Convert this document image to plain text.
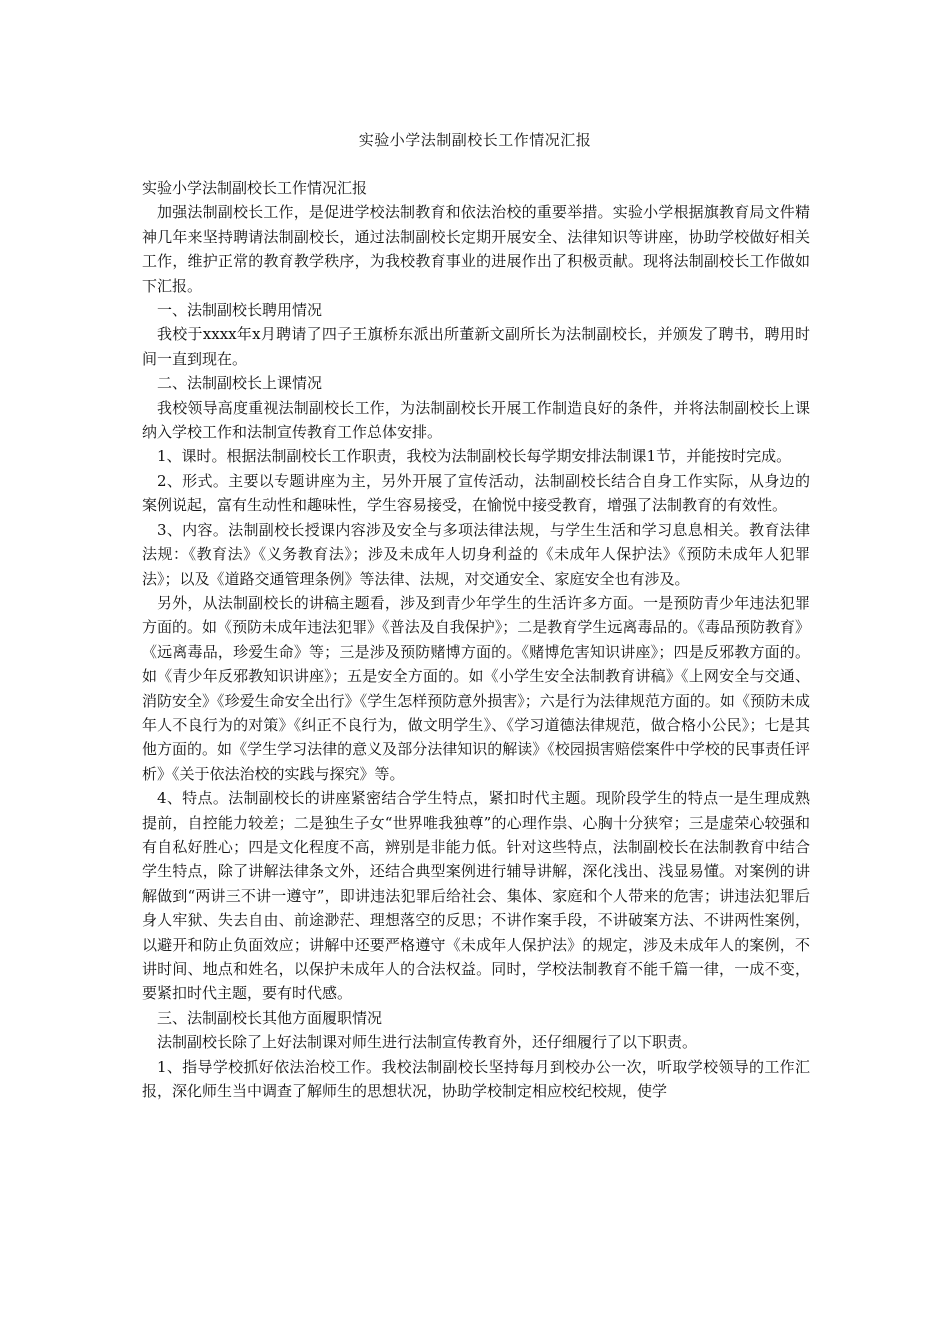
实验小学法制副校长工作情况汇报

实验小学法制副校长工作情况汇报

加强法制副校长工作，是促进学校法制教育和依法治校的重要举措。实验小学根据旗教育局文件精神几年来坚持聘请法制副校长，通过法制副校长定期开展安全、法律知识等讲座，协助学校做好相关工作，维护正常的教育教学秩序，为我校教育事业的进展作出了积极贡献。现将法制副校长工作做如下汇报。

一、法制副校长聘用情况

我校于xxxx年x月聘请了四子王旗桥东派出所董新文副所长为法制副校长，并颁发了聘书，聘用时间一直到现在。

二、法制副校长上课情况

我校领导高度重视法制副校长工作，为法制副校长开展工作制造良好的条件，并将法制副校长上课纳入学校工作和法制宣传教育工作总体安排。

1、课时。根据法制副校长工作职责，我校为法制副校长每学期安排法制课1节，并能按时完成。

2、形式。主要以专题讲座为主，另外开展了宣传活动，法制副校长结合自身工作实际，从身边的案例说起，富有生动性和趣味性，学生容易接受，在愉悦中接受教育，增强了法制教育的有效性。

3、内容。法制副校长授课内容涉及安全与多项法律法规，与学生生活和学习息息相关。教育法律法规：《教育法》《义务教育法》；涉及未成年人切身利益的《未成年人保护法》《预防未成年人犯罪法》；以及《道路交通管理条例》等法律、法规，对交通安全、家庭安全也有涉及。

另外，从法制副校长的讲稿主题看，涉及到青少年学生的生活许多方面。一是预防青少年违法犯罪方面的。如《预防未成年违法犯罪》《普法及自我保护》；二是教育学生远离毒品的。《毒品预防教育》《远离毒品，珍爱生命》等；三是涉及预防赌博方面的。《赌博危害知识讲座》；四是反邪教方面的。如《青少年反邪教知识讲座》；五是安全方面的。如《小学生安全法制教育讲稿》《上网安全与交通、消防安全》《珍爱生命安全出行》《学生怎样预防意外损害》；六是行为法律规范方面的。如《预防未成年人不良行为的对策》《纠正不良行为，做文明学生》、《学习道德法律规范，做合格小公民》；七是其他方面的。如《学生学习法律的意义及部分法律知识的解读》《校园损害赔偿案件中学校的民事责任评析》《关于依法治校的实践与探究》等。

4、特点。法制副校长的讲座紧密结合学生特点，紧扣时代主题。现阶段学生的特点一是生理成熟提前，自控能力较差；二是独生子女“世界唯我独尊”的心理作祟、心胸十分狭窄；三是虚荣心较强和有自私好胜心；四是文化程度不高，辨别是非能力低。针对这些特点，法制副校长在法制教育中结合学生特点，除了讲解法律条文外，还结合典型案例进行辅导讲解，深化浅出、浅显易懂。对案例的讲解做到“两讲三不讲一遵守”，即讲违法犯罪后给社会、集体、家庭和个人带来的危害；讲违法犯罪后身人牢狱、失去自由、前途渺茫、理想落空的反思；不讲作案手段，不讲破案方法、不讲两性案例，以避开和防止负面效应；讲解中还要严格遵守《未成年人保护法》的规定，涉及未成年人的案例，不讲时间、地点和姓名，以保护未成年人的合法权益。同时，学校法制教育不能千篇一律，一成不变，要紧扣时代主题，要有时代感。

三、法制副校长其他方面履职情况

法制副校长除了上好法制课对师生进行法制宣传教育外，还仔细履行了以下职责。

1、指导学校抓好依法治校工作。我校法制副校长坚持每月到校办公一次，听取学校领导的工作汇报，深化师生当中调查了解师生的思想状况，协助学校制定相应校纪校规，使学
